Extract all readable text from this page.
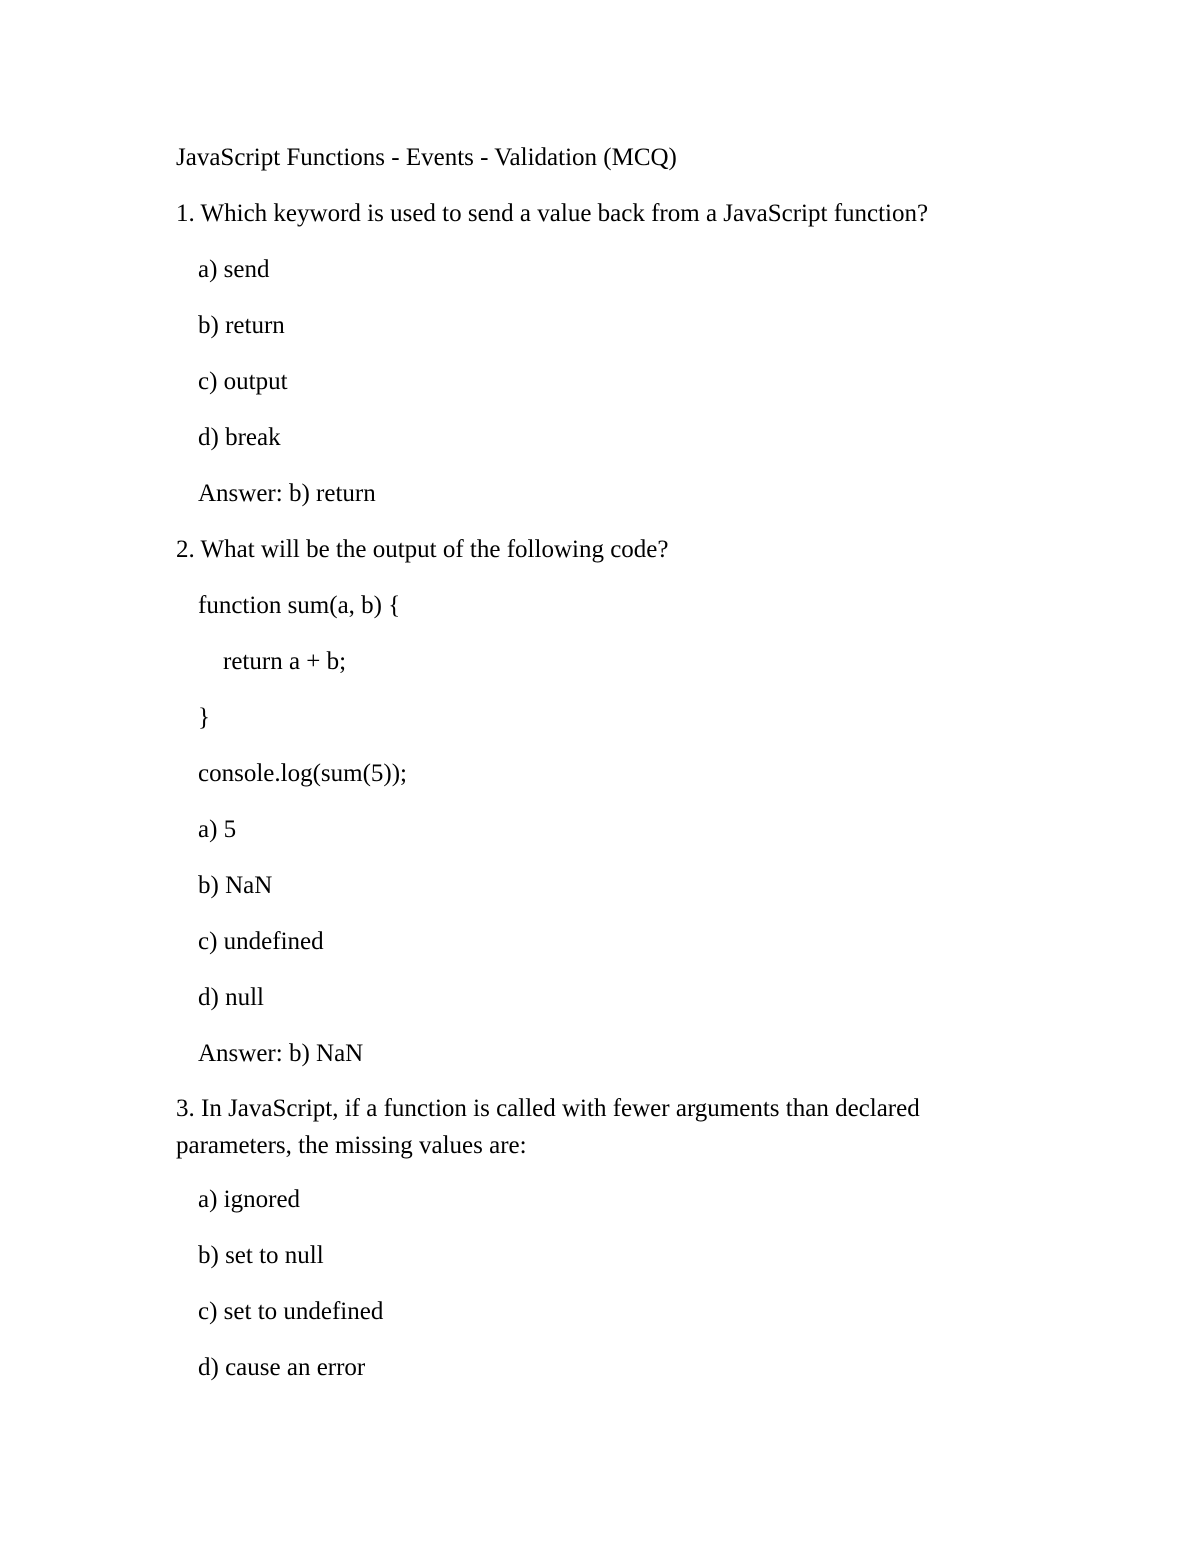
JavaScript Functions - Events - Validation (MCQ)
1. Which keyword is used to send a value back from a JavaScript function?
a) send
b) return
c) output
d) break
Answer: b) return
2. What will be the output of the following code?
function sum(a, b) {
return a + b;
}
console.log(sum(5));
a) 5
b) NaN
c) undefined
d) null
Answer: b) NaN
3. In JavaScript, if a function is called with fewer arguments than declared parameters, the missing values are:
a) ignored
b) set to null
c) set to undefined
d) cause an error
